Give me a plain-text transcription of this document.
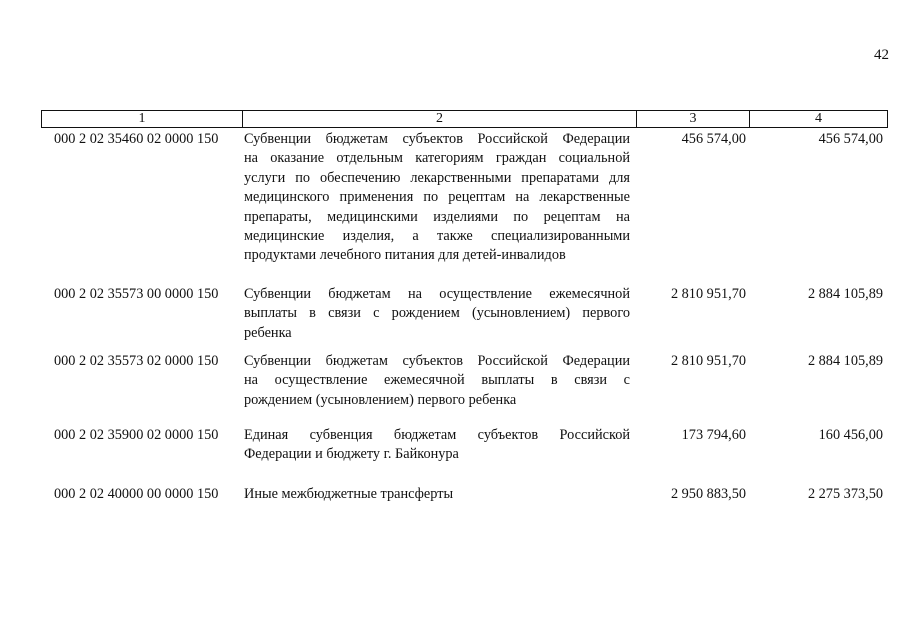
42
1	2	3	4
000 2 02 35460 02 0000 150	Субвенции бюджетам субъектов Российской Федерации
на оказание отдельным категориям граждан социальной
услуги по обеспечению лекарственными препаратами для
медицинского применения по рецептам на лекарственные
препараты, медицинскими изделиями по рецептам на
медицинские изделия, а также специализированными
продуктами лечебного питания для детей-инвалидов
456 574,00	456 574,00
000 2 02 35573 00 0000 150	Субвенции бюджетам на осуществление ежемесячной
выплаты в связи с рождением (усыновлением) первого
ребенка
2 810 951,70	2 884 105,89
000 2 02 35573 02 0000 150	Субвенции бюджетам субъектов Российской Федерации
на осуществление ежемесячной выплаты в связи с
рождением (усыновлением) первого ребенка
2 810 951,70	2 884 105,89
000 2 02 35900 02 0000 150	Единая субвенция бюджетам субъектов Российской
Федерации и бюджету г. Байконура
173 794,60	160 456,00
000 2 02 40000 00 0000 150	Иные межбюджетные трансферты	2 950 883,50	2 275 373,50
